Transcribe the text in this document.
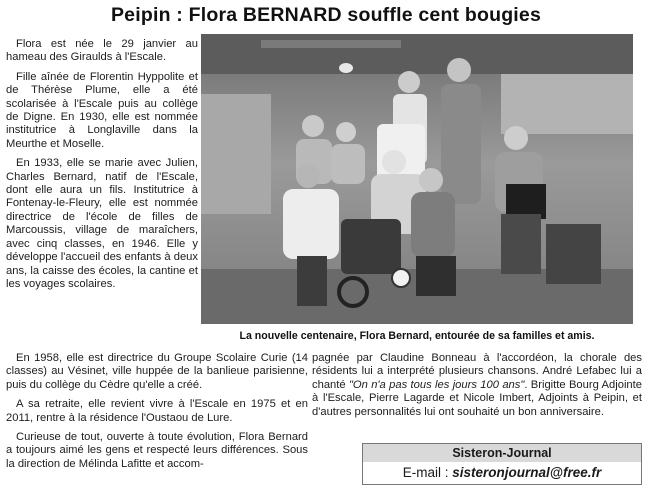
Peipin : Flora BERNARD souffle cent bougies

Flora est née le 29 janvier au hameau des Giraulds à l'Escale.

Fille aînée de Florentin Hyppolite et de Thérèse Plume, elle a été scolarisée à l'Escale puis au collège de Digne. En 1930, elle est nommée institutrice à Longlaville dans la Meurthe et Moselle.

En 1933, elle se marie avec Julien, Charles Bernard, natif de l'Escale, dont elle aura un fils. Institutrice à Fontenay-le-Fleury, elle est nommée directrice de l'école de filles de Marcoussis, village de maraîchers, avec cinq classes, en 1946. Elle y développe l'accueil des enfants à deux ans, la caisse des écoles, la cantine et les voyages scolaires.

La nouvelle centenaire, Flora Bernard, entourée de sa familles et amis.

En 1958, elle est directrice du Groupe Scolaire Curie (14 classes) au Vésinet, ville huppée de la banlieue parisienne, puis du collège du Cèdre qu'elle a créé.

A sa retraite, elle revient vivre à l'Escale en 1975 et en 2011, rentre à la résidence l'Oustaou de Lure.

Curieuse de tout, ouverte à toute évolution, Flora Bernard a toujours aimé les gens et respecté leurs différences. Sous la direction de Mélinda Lafitte et accom-

pagnée par Claudine Bonneau à l'accordéon, la chorale des résidents lui a interprété plusieurs chansons. André Lefabec lui a chanté "On n'a pas tous les jours 100 ans". Brigitte Bourg Adjointe à l'Escale, Pierre Lagarde et Nicole Imbert, Adjoints à Peipin, et d'autres personnalités lui ont souhaité un bon anniversaire.

Sisteron-Journal
E-mail : sisteronjournal@free.fr
